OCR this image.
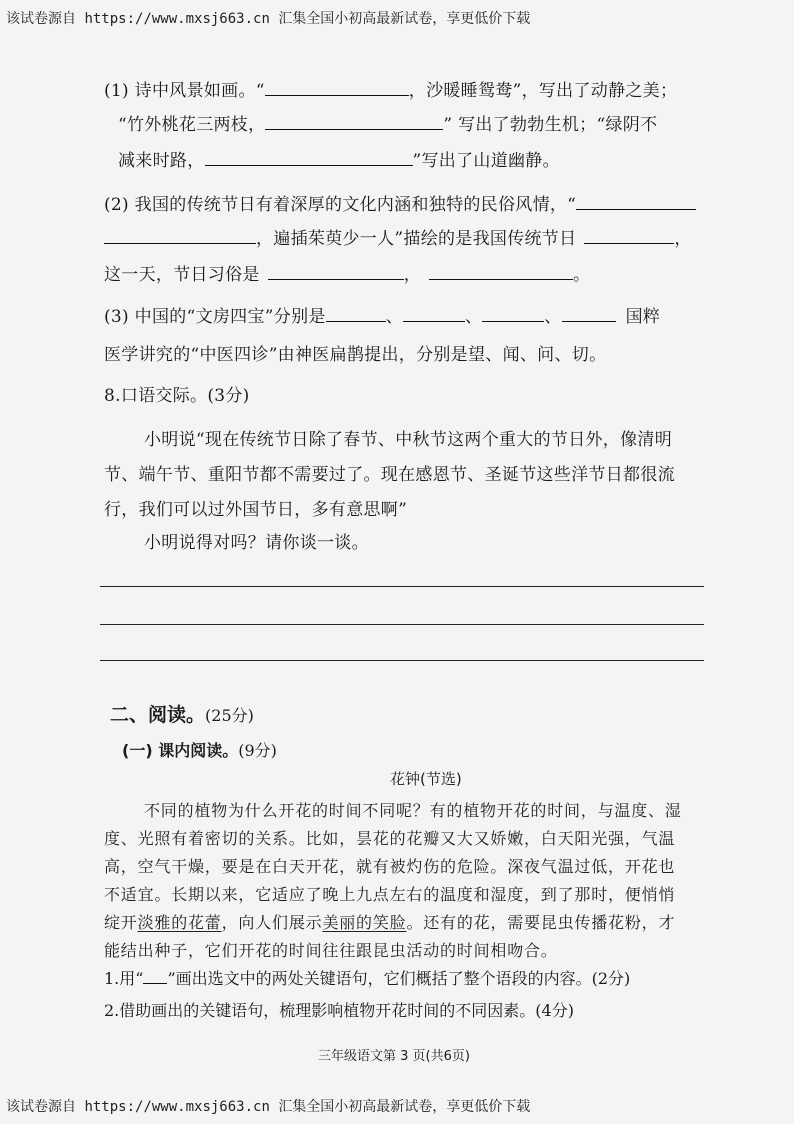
该试卷源自 https://www.mxsj663.cn 汇集全国小初高最新试卷，享更低价下载
(1) 诗中风景如画。“	，沙暖睡鸳鸯”，写出了动静之美；
“竹外桃花三两枝，	” 写出了勃勃生机；“绿阴不
减来时路，	”写出了山道幽静。
(2) 我国的传统节日有着深厚的文化内涵和独特的民俗风情，“
，遍插茱萸少一人”描绘的是我国传统节日	，
这一天，节日习俗是	，	。
(3) 中国的“文房四宝”分别是	、	、	、	国粹
医学讲究的“中医四诊”由神医扁鹊提出，分别是望、闻、问、切。
8.口语交际。(3分)
小明说“现在传统节日除了春节、中秋节这两个重大的节日外，像清明
节、端午节、重阳节都不需要过了。现在感恩节、圣诞节这些洋节日都很流
行，我们可以过外国节日，多有意思啊”
小明说得对吗？请你谈一谈。
二、阅读。(25分)
(一) 课内阅读。(9分)
花钟(节选)
不同的植物为什么开花的时间不同呢？有的植物开花的时间，与温度、湿
度、光照有着密切的关系。比如，昙花的花瓣又大又娇嫩，白天阳光强，气温
高，空气干燥，要是在白天开花，就有被灼伤的危险。深夜气温过低，开花也
不适宜。长期以来，它适应了晚上九点左右的温度和湿度，到了那时，便悄悄
绽开淡雅的花蕾，向人们展示美丽的笑脸。还有的花，需要昆虫传播花粉，才
能结出种子，它们开花的时间往往跟昆虫活动的时间相吻合。
1.用“ ”画出选文中的两处关键语句，它们概括了整个语段的内容。(2分)
2.借助画出的关键语句，梳理影响植物开花时间的不同因素。(4分)
三年级语文第 3 页(共6页)
该试卷源自 https://www.mxsj663.cn 汇集全国小初高最新试卷，享更低价下载
